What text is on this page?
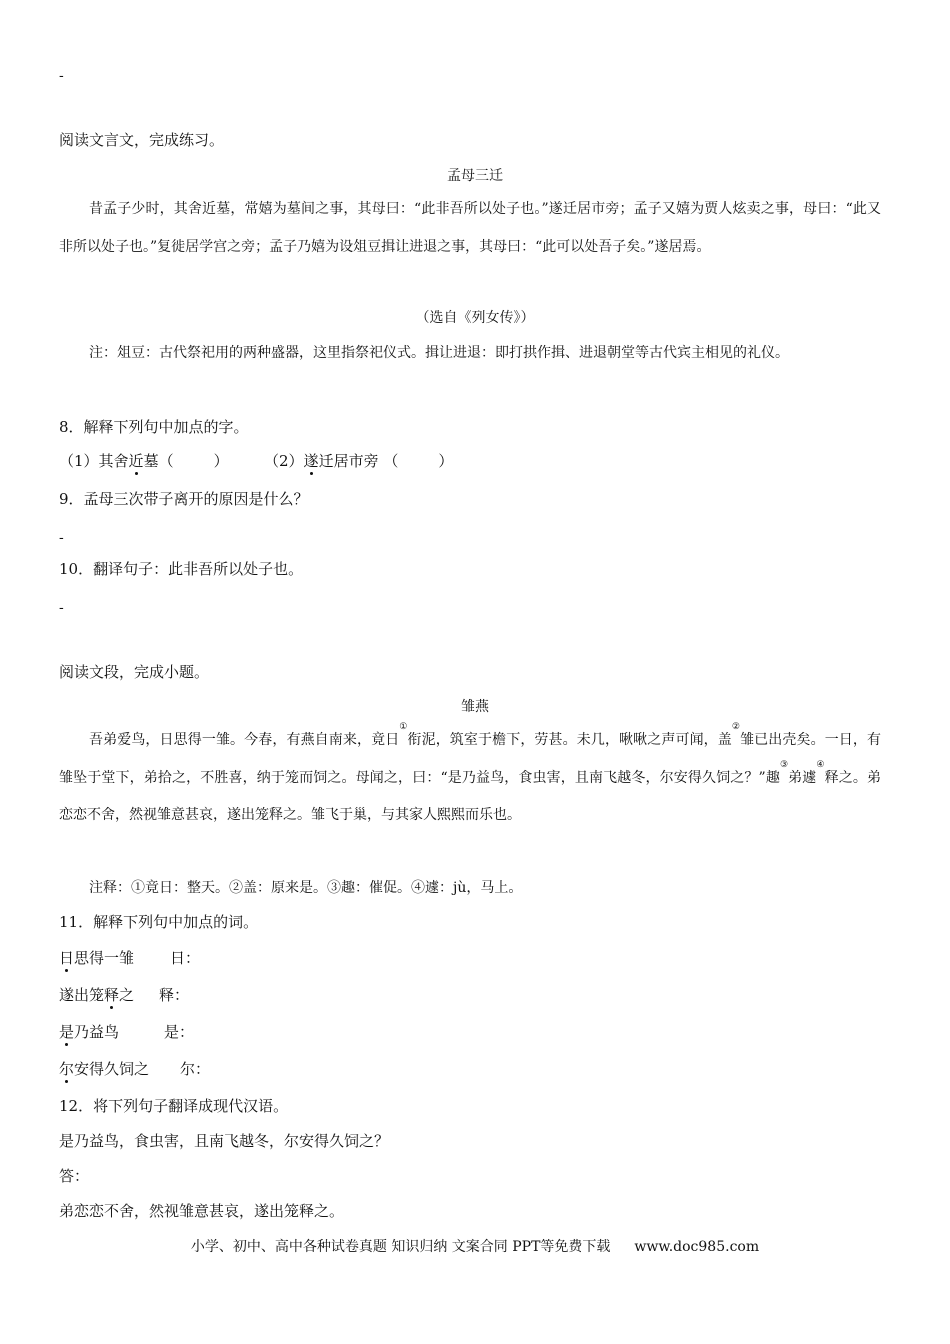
-
阅读文言文，完成练习。
孟母三迁
昔孟子少时，其舍近墓，常嬉为墓间之事，其母曰：“此非吾所以处子也。”遂迁居市旁；孟子又嬉为贾人炫卖之事，母曰：“此又非所以处子也。”复徙居学宫之旁；孟子乃嬉为设俎豆揖让进退之事，其母曰：“此可以处吾子矣。”遂居焉。
（选自《列女传》）
注：俎豆：古代祭祀用的两种盛器，这里指祭祀仪式。揖让进退：即打拱作揖、进退朝堂等古代宾主相见的礼仪。
8．解释下列句中加点的字。
（1）其舍近墓（	） （2）遂迁居市旁 （	）
9．孟母三次带子离开的原因是什么？
-
10．翻译句子：此非吾所以处子也。
-
阅读文段，完成小题。
雏燕
吾弟爱鸟，日思得一雏。今春，有燕自南来，竟日①衔泥，筑室于檐下，劳甚。未几，啾啾之声可闻，盖②雏已出壳矣。一日，有雏坠于堂下，弟拾之，不胜喜，纳于笼而饲之。母闻之，曰：“是乃益鸟，食虫害，且南飞越冬，尔安得久饲之？”趣③弟遽④释之。弟恋恋不舍，然视雏意甚哀，遂出笼释之。雏飞于巢，与其家人熙熙而乐也。
注释：①竟日：整天。②盖：原来是。③趣：催促。④遽：jù，马上。
11．解释下列句中加点的词。
日思得一雏 日：
遂出笼释之 释：
是乃益鸟	是：
尔安得久饲之 尔：
12．将下列句子翻译成现代汉语。
是乃益鸟，食虫害，且南飞越冬，尔安得久饲之？
答：
弟恋恋不舍，然视雏意甚哀，遂出笼释之。
小学、初中、高中各种试卷真题 知识归纳 文案合同 PPT等免费下载 www.doc985.com
